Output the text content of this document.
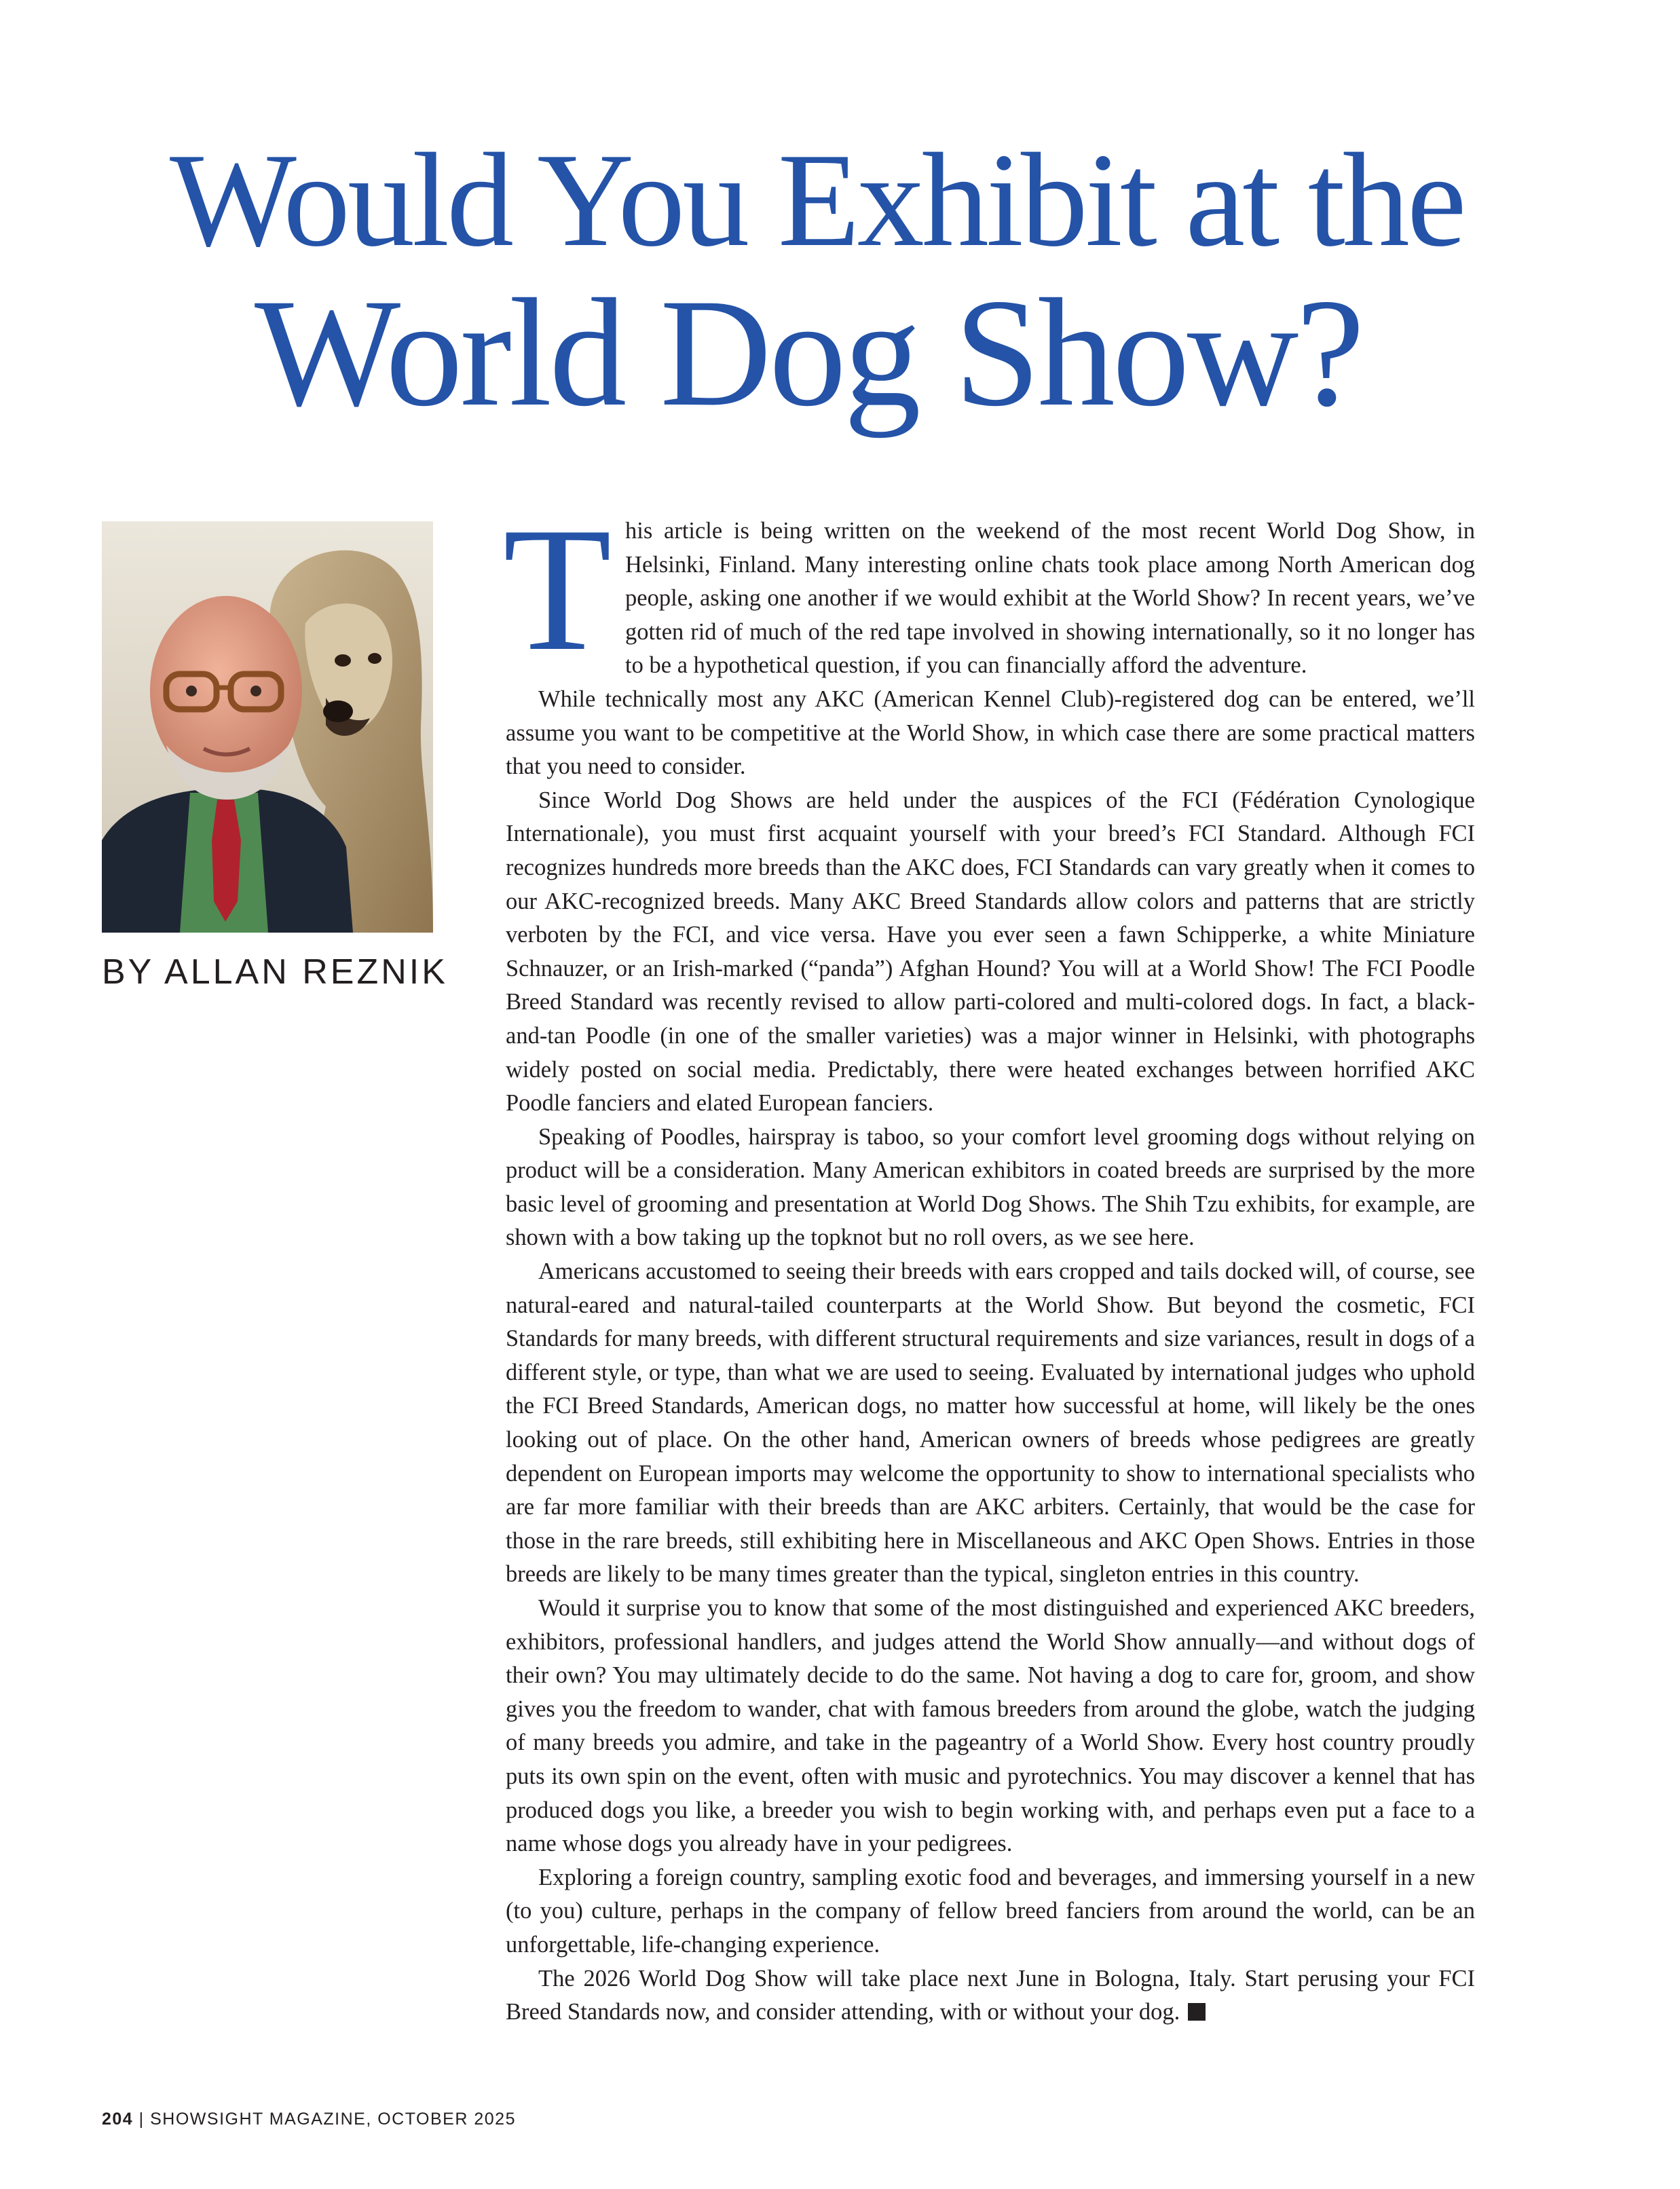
Would You Exhibit at the
World Dog Show?
BY ALLAN REZNIK

This article is being written on the weekend of the most recent World Dog Show, in Helsinki, Finland. Many interesting online chats took place among North American dog people, asking one another if we would exhibit at the World Show? In recent years, we’ve gotten rid of much of the red tape involved in showing internationally, so it no longer has to be a hypothetical question, if you can financially afford the adventure.

While technically most any AKC (American Kennel Club)-registered dog can be entered, we’ll assume you want to be competitive at the World Show, in which case there are some practical matters that you need to consider.

Since World Dog Shows are held under the auspices of the FCI (Fédération Cynologique Internationale), you must first acquaint yourself with your breed’s FCI Standard. Although FCI recognizes hundreds more breeds than the AKC does, FCI Standards can vary greatly when it comes to our AKC-recognized breeds. Many AKC Breed Standards allow colors and patterns that are strictly verboten by the FCI, and vice versa. Have you ever seen a fawn Schipperke, a white Miniature Schnauzer, or an Irish-marked (“panda”) Afghan Hound? You will at a World Show! The FCI Poodle Breed Standard was recently revised to allow parti-colored and multi-colored dogs. In fact, a black-and-tan Poodle (in one of the smaller varieties) was a major winner in Helsinki, with photographs widely posted on social media. Predictably, there were heated exchanges between horrified AKC Poodle fanciers and elated European fanciers.

Speaking of Poodles, hairspray is taboo, so your comfort level grooming dogs without relying on product will be a consideration. Many American exhibitors in coated breeds are surprised by the more basic level of grooming and presentation at World Dog Shows. The Shih Tzu exhibits, for example, are shown with a bow taking up the topknot but no roll overs, as we see here.

Americans accustomed to seeing their breeds with ears cropped and tails docked will, of course, see natural-eared and natural-tailed counterparts at the World Show. But beyond the cosmetic, FCI Standards for many breeds, with different structural requirements and size variances, result in dogs of a different style, or type, than what we are used to seeing. Evaluated by international judges who uphold the FCI Breed Standards, American dogs, no matter how successful at home, will likely be the ones looking out of place. On the other hand, American owners of breeds whose pedigrees are greatly dependent on European imports may welcome the opportunity to show to international specialists who are far more familiar with their breeds than are AKC arbiters. Certainly, that would be the case for those in the rare breeds, still exhibiting here in Miscellaneous and AKC Open Shows. Entries in those breeds are likely to be many times greater than the typical, singleton entries in this country.

Would it surprise you to know that some of the most distinguished and experienced AKC breeders, exhibitors, professional handlers, and judges attend the World Show annually—and without dogs of their own? You may ultimately decide to do the same. Not having a dog to care for, groom, and show gives you the freedom to wander, chat with famous breeders from around the globe, watch the judging of many breeds you admire, and take in the pageantry of a World Show. Every host country proudly puts its own spin on the event, often with music and pyrotechnics. You may discover a kennel that has produced dogs you like, a breeder you wish to begin working with, and perhaps even put a face to a name whose dogs you already have in your pedigrees.

Exploring a foreign country, sampling exotic food and beverages, and immersing yourself in a new (to you) culture, perhaps in the company of fellow breed fanciers from around the world, can be an unforgettable, life-changing experience.

The 2026 World Dog Show will take place next June in Bologna, Italy. Start perusing your FCI Breed Standards now, and consider attending, with or without your dog.

204 | SHOWSIGHT MAGAZINE, OCTOBER 2025
